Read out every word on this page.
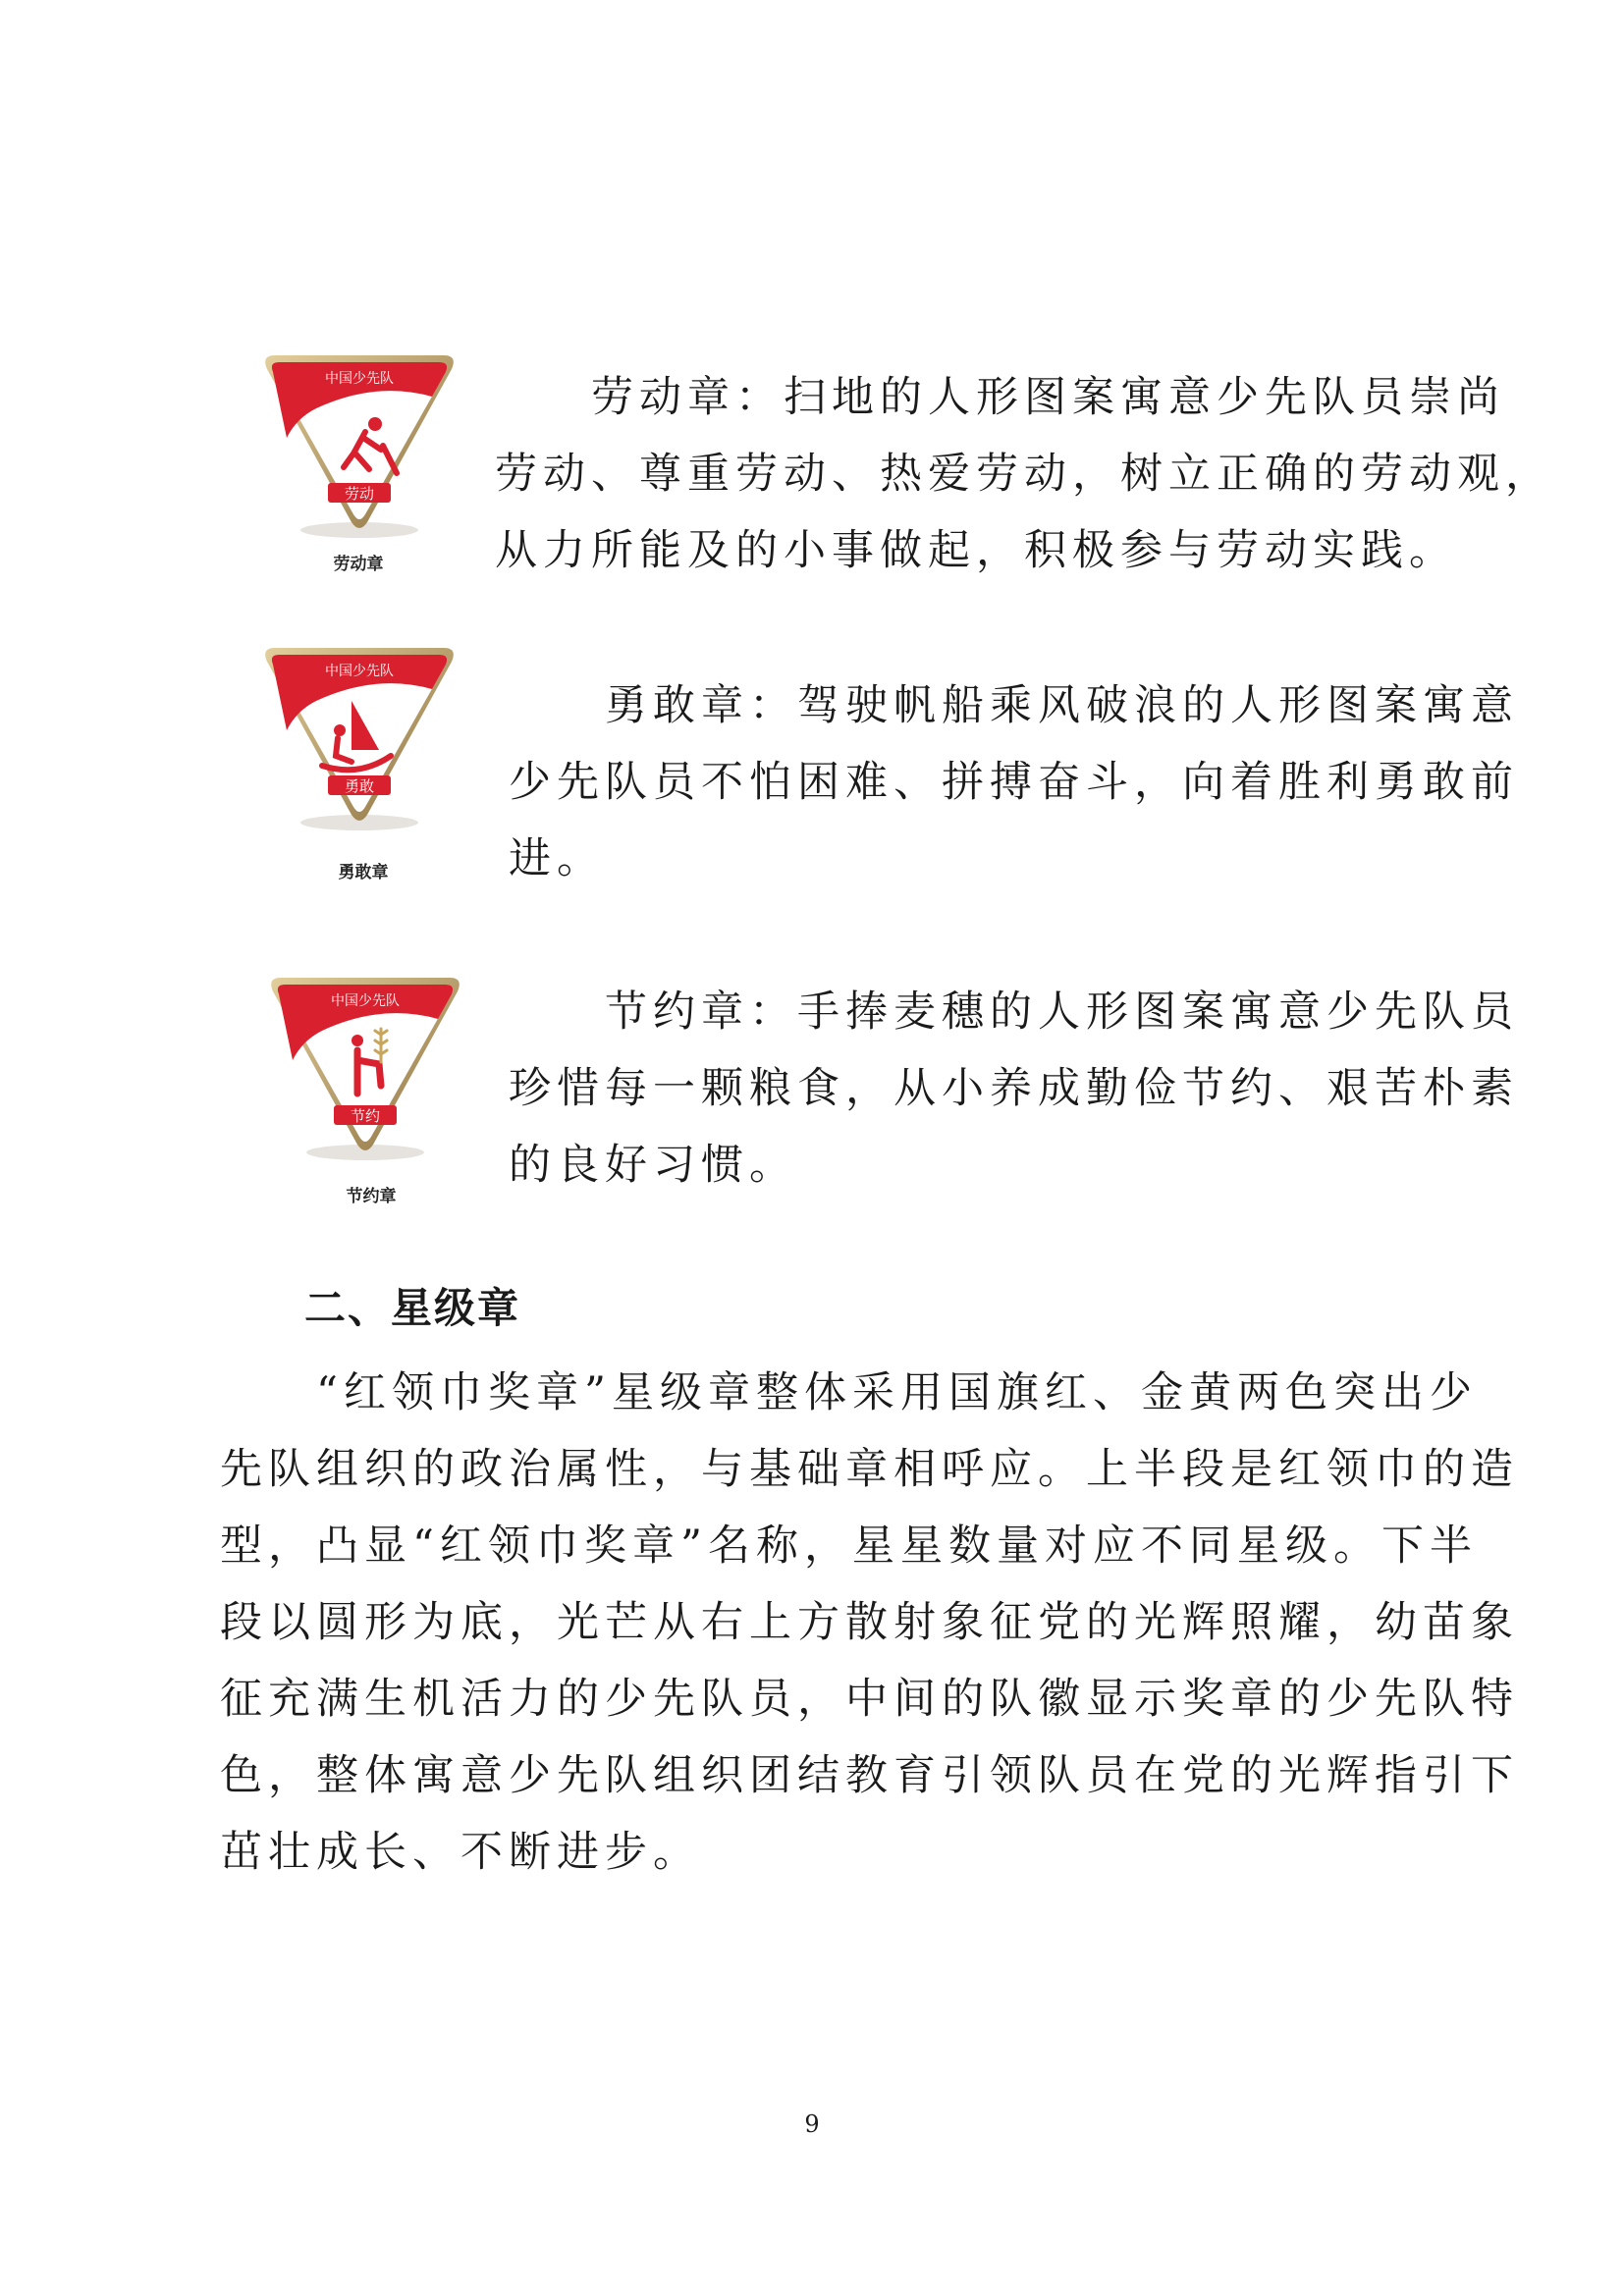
中国少先队
劳动
劳动章

　　劳动章：扫地的人形图案寓意少先队员崇尚

劳动、尊重劳动、热爱劳动，树立正确的劳动观，

从力所能及的小事做起，积极参与劳动实践。

中国少先队
勇敢
勇敢章

　　勇敢章：驾驶帆船乘风破浪的人形图案寓意

少先队员不怕困难、拼搏奋斗，向着胜利勇敢前

进。

中国少先队
节约
节约章

　　节约章：手捧麦穗的人形图案寓意少先队员

珍惜每一颗粮食，从小养成勤俭节约、艰苦朴素

的良好习惯。

二、星级章

　　“红领巾奖章”星级章整体采用国旗红、金黄两色突出少

先队组织的政治属性，与基础章相呼应。上半段是红领巾的造

型，凸显“红领巾奖章”名称，星星数量对应不同星级。下半

段以圆形为底，光芒从右上方散射象征党的光辉照耀，幼苗象

征充满生机活力的少先队员，中间的队徽显示奖章的少先队特

色，整体寓意少先队组织团结教育引领队员在党的光辉指引下

茁壮成长、不断进步。

9
